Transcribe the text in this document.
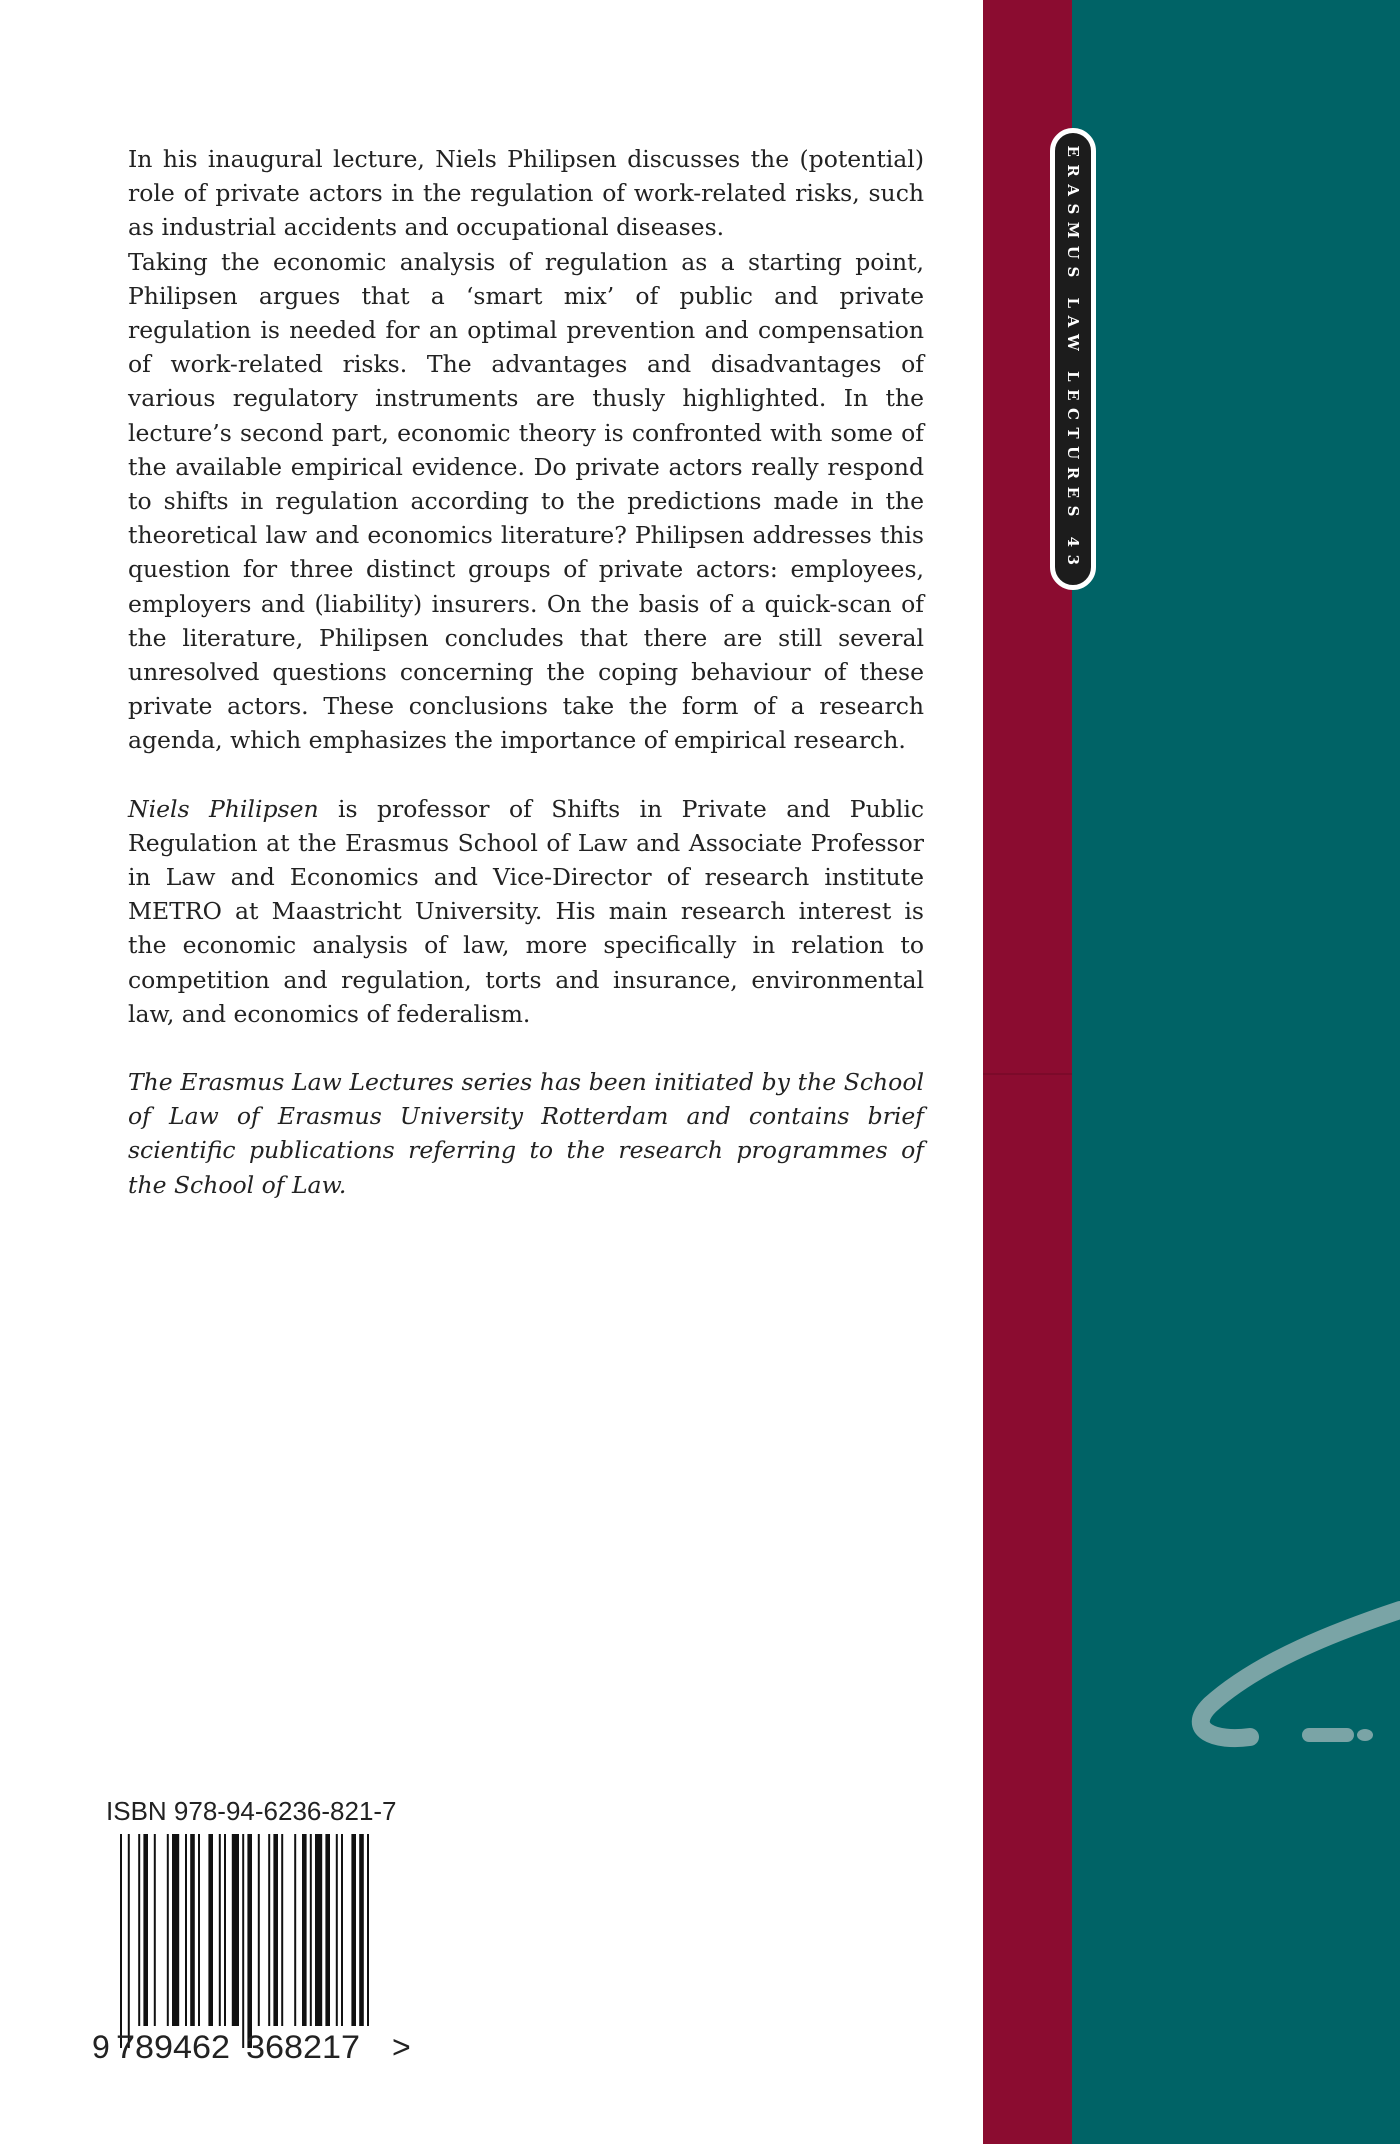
ERASMUS LAW LECTURES 43

In his inaugural lecture, Niels Philipsen discusses the (potential) role of private actors in the regulation of work-related risks, such as industrial accidents and occupational diseases.

Taking the economic analysis of regulation as a starting point, Philipsen argues that a ‘smart mix’ of public and private regulation is needed for an optimal prevention and compensation of work-related risks. The advantages and disadvantages of various regulatory instruments are thusly highlighted. In the lecture’s second part, economic theory is confronted with some of the available empirical evidence. Do private actors really respond to shifts in regulation according to the predictions made in the theoretical law and economics literature? Philipsen addresses this question for three distinct groups of private actors: employees, employers and (liability) insurers. On the basis of a quick-scan of the literature, Philipsen concludes that there are still several unresolved questions concerning the coping behaviour of these private actors. These conclusions take the form of a research agenda, which emphasizes the importance of empirical research.

Niels Philipsen is professor of Shifts in Private and Public Regulation at the Erasmus School of Law and Associate Professor in Law and Economics and Vice-Director of research institute METRO at Maastricht University. His main research interest is the economic analysis of law, more specifically in relation to competition and regulation, torts and insurance, environmental law, and economics of federalism.

The Erasmus Law Lectures series has been initiated by the School of Law of Erasmus University Rotterdam and contains brief scientific publications referring to the research programmes of the School of Law.

ISBN 978-94-6236-821-7
9 789462 368217 >
